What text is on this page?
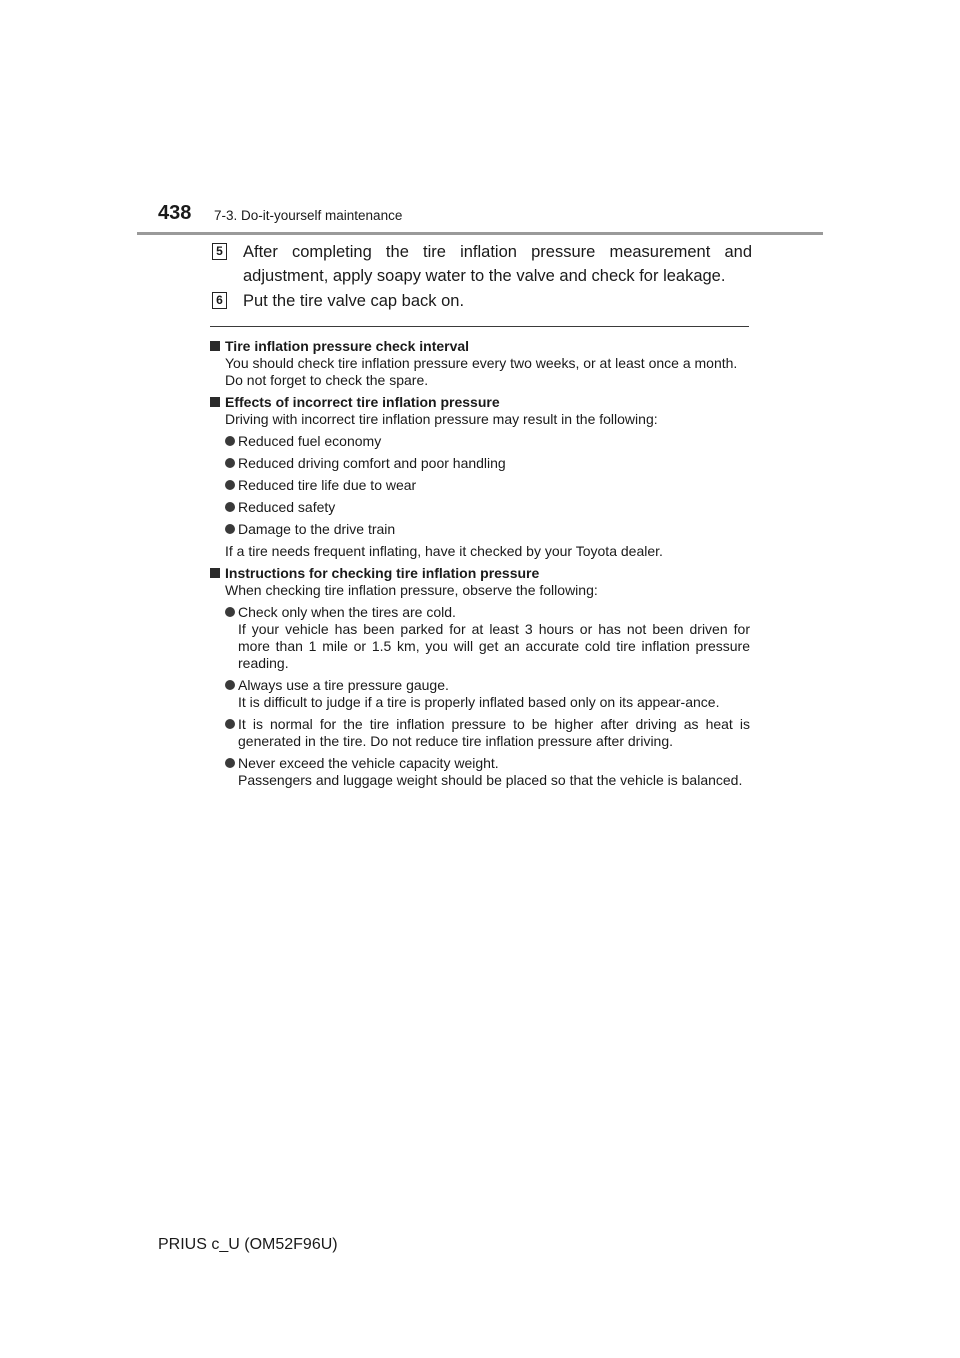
438 7-3. Do-it-yourself maintenance
5 After completing the tire inflation pressure measurement and adjustment, apply soapy water to the valve and check for leakage.
6 Put the tire valve cap back on.
Tire inflation pressure check interval
You should check tire inflation pressure every two weeks, or at least once a month.
Do not forget to check the spare.
Effects of incorrect tire inflation pressure
Driving with incorrect tire inflation pressure may result in the following:
Reduced fuel economy
Reduced driving comfort and poor handling
Reduced tire life due to wear
Reduced safety
Damage to the drive train
If a tire needs frequent inflating, have it checked by your Toyota dealer.
Instructions for checking tire inflation pressure
When checking tire inflation pressure, observe the following:
Check only when the tires are cold.
If your vehicle has been parked for at least 3 hours or has not been driven for more than 1 mile or 1.5 km, you will get an accurate cold tire inflation pressure reading.
Always use a tire pressure gauge.
It is difficult to judge if a tire is properly inflated based only on its appear-ance.
It is normal for the tire inflation pressure to be higher after driving as heat is generated in the tire. Do not reduce tire inflation pressure after driving.
Never exceed the vehicle capacity weight.
Passengers and luggage weight should be placed so that the vehicle is balanced.
PRIUS c_U (OM52F96U)
